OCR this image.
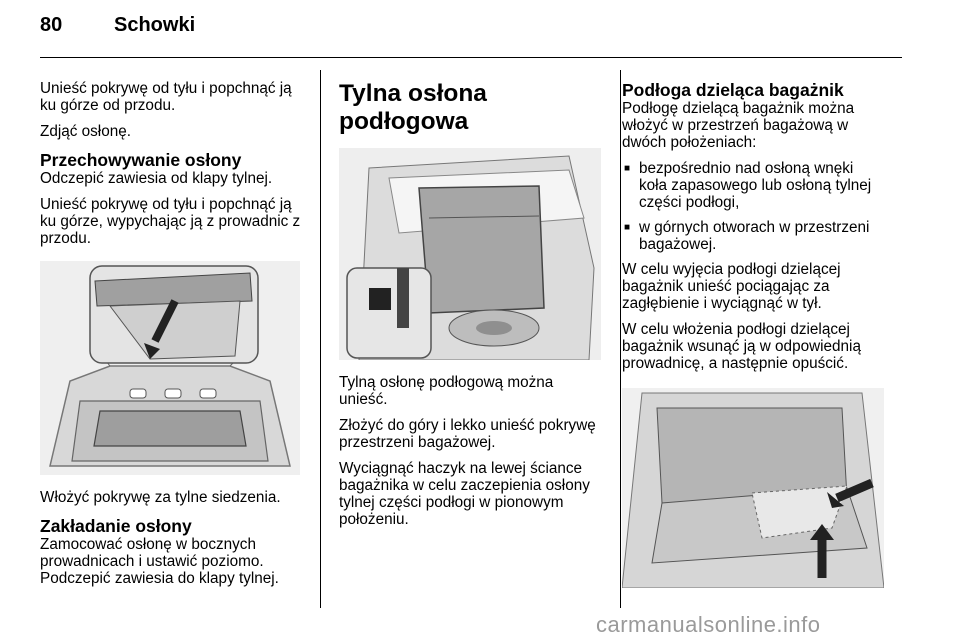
80	Schowki

Unieść pokrywę od tyłu i popchnąć ją ku górze od przodu.

Zdjąć osłonę.

Przechowywanie osłony

Odczepić zawiesia od klapy tylnej.

Unieść pokrywę od tyłu i popchnąć ją ku górze, wypychając ją z prowadnic z przodu.

Włożyć pokrywę za tylne siedzenia.

Zakładanie osłony

Zamocować osłonę w bocznych prowadnicach i ustawić poziomo. Podczepić zawiesia do klapy tylnej.

Tylna osłona podłogowa

Tylną osłonę podłogową można unieść.

Złożyć do góry i lekko unieść pokrywę przestrzeni bagażowej.

Wyciągnąć haczyk na lewej ściance bagażnika w celu zaczepienia osłony tylnej części podłogi w pionowym położeniu.

Podłoga dzieląca bagażnik

Podłogę dzielącą bagażnik można włożyć w przestrzeń bagażową w dwóch położeniach:

■ bezpośrednio nad osłoną wnęki koła zapasowego lub osłoną tylnej części podłogi,
■ w górnych otworach w przestrzeni bagażowej.

W celu wyjęcia podłogi dzielącej bagażnik unieść pociągając za zagłębienie i wyciągnąć w tył.

W celu włożenia podłogi dzielącej bagażnik wsunąć ją w odpowiednią prowadnicę, a następnie opuścić.

carmanualsonline.info
